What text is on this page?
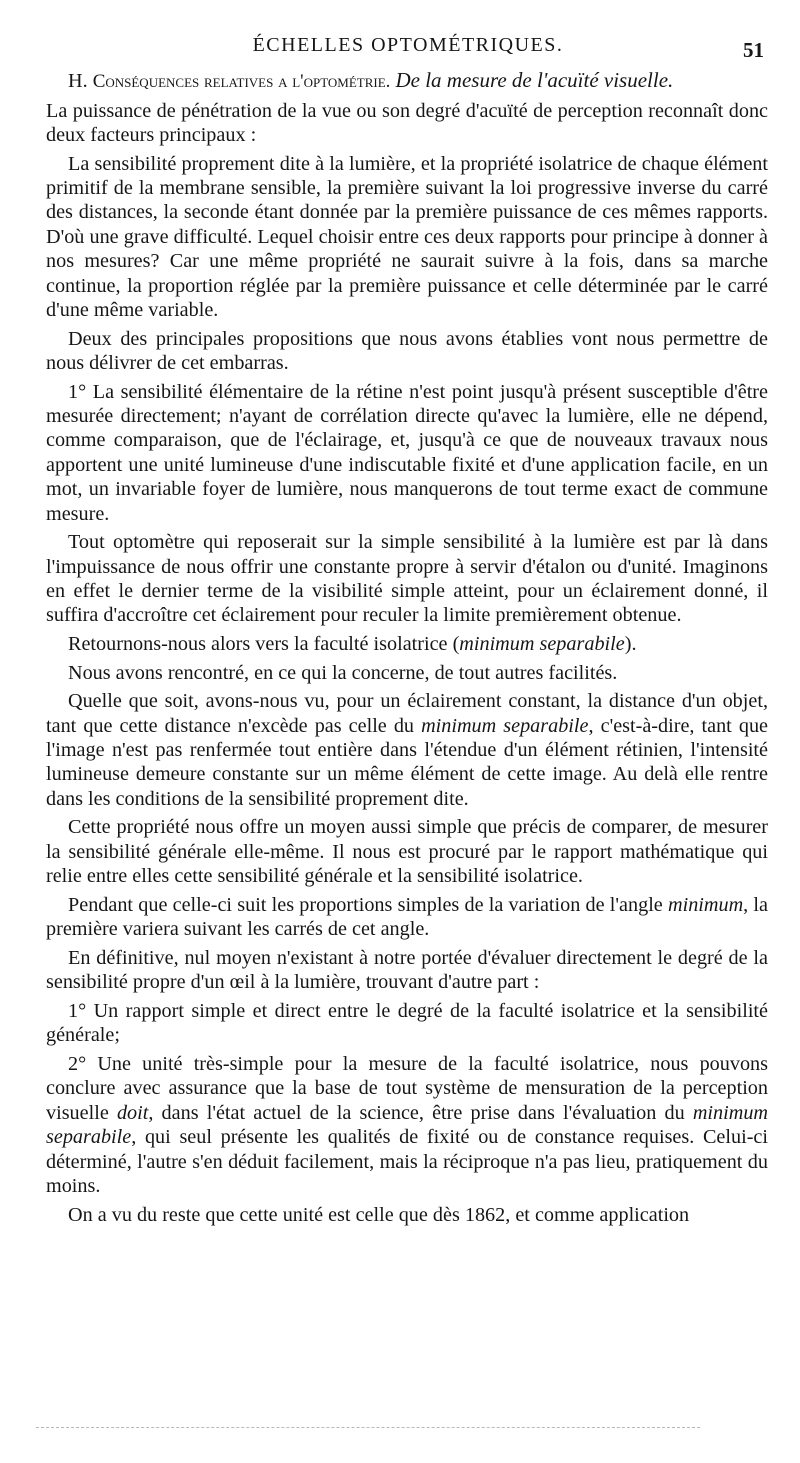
ÉCHELLES OPTOMÉTRIQUES.	51

H. Conséquences relatives a l'optométrie. De la mesure de l'acuïté visuelle.

La puissance de pénétration de la vue ou son degré d'acuïté de perception reconnaît donc deux facteurs principaux :

La sensibilité proprement dite à la lumière, et la propriété isolatrice de chaque élément primitif de la membrane sensible, la première suivant la loi progressive inverse du carré des distances, la seconde étant donnée par la première puissance de ces mêmes rapports. D'où une grave difficulté. Lequel choisir entre ces deux rapports pour principe à donner à nos mesures? Car une même propriété ne saurait suivre à la fois, dans sa marche continue, la proportion réglée par la première puissance et celle déterminée par le carré d'une même variable.

Deux des principales propositions que nous avons établies vont nous permettre de nous délivrer de cet embarras.

1° La sensibilité élémentaire de la rétine n'est point jusqu'à présent susceptible d'être mesurée directement; n'ayant de corrélation directe qu'avec la lumière, elle ne dépend, comme comparaison, que de l'éclairage, et, jusqu'à ce que de nouveaux travaux nous apportent une unité lumineuse d'une indiscutable fixité et d'une application facile, en un mot, un invariable foyer de lumière, nous manquerons de tout terme exact de commune mesure.

Tout optomètre qui reposerait sur la simple sensibilité à la lumière est par là dans l'impuissance de nous offrir une constante propre à servir d'étalon ou d'unité. Imaginons en effet le dernier terme de la visibilité simple atteint, pour un éclairement donné, il suffira d'accroître cet éclairement pour reculer la limite premièrement obtenue.

Retournons-nous alors vers la faculté isolatrice (minimum separabile).

Nous avons rencontré, en ce qui la concerne, de tout autres facilités.

Quelle que soit, avons-nous vu, pour un éclairement constant, la distance d'un objet, tant que cette distance n'excède pas celle du minimum separabile, c'est-à-dire, tant que l'image n'est pas renfermée tout entière dans l'étendue d'un élément rétinien, l'intensité lumineuse demeure constante sur un même élément de cette image. Au delà elle rentre dans les conditions de la sensibilité proprement dite.

Cette propriété nous offre un moyen aussi simple que précis de comparer, de mesurer la sensibilité générale elle-même. Il nous est procuré par le rapport mathématique qui relie entre elles cette sensibilité générale et la sensibilité isolatrice.

Pendant que celle-ci suit les proportions simples de la variation de l'angle minimum, la première variera suivant les carrés de cet angle.

En définitive, nul moyen n'existant à notre portée d'évaluer directement le degré de la sensibilité propre d'un œil à la lumière, trouvant d'autre part :

1° Un rapport simple et direct entre le degré de la faculté isolatrice et la sensibilité générale;

2° Une unité très-simple pour la mesure de la faculté isolatrice, nous pouvons conclure avec assurance que la base de tout système de mensuration de la perception visuelle doit, dans l'état actuel de la science, être prise dans l'évaluation du minimum separabile, qui seul présente les qualités de fixité ou de constance requises. Celui-ci déterminé, l'autre s'en déduit facilement, mais la réciproque n'a pas lieu, pratiquement du moins.

On a vu du reste que cette unité est celle que dès 1862, et comme application
